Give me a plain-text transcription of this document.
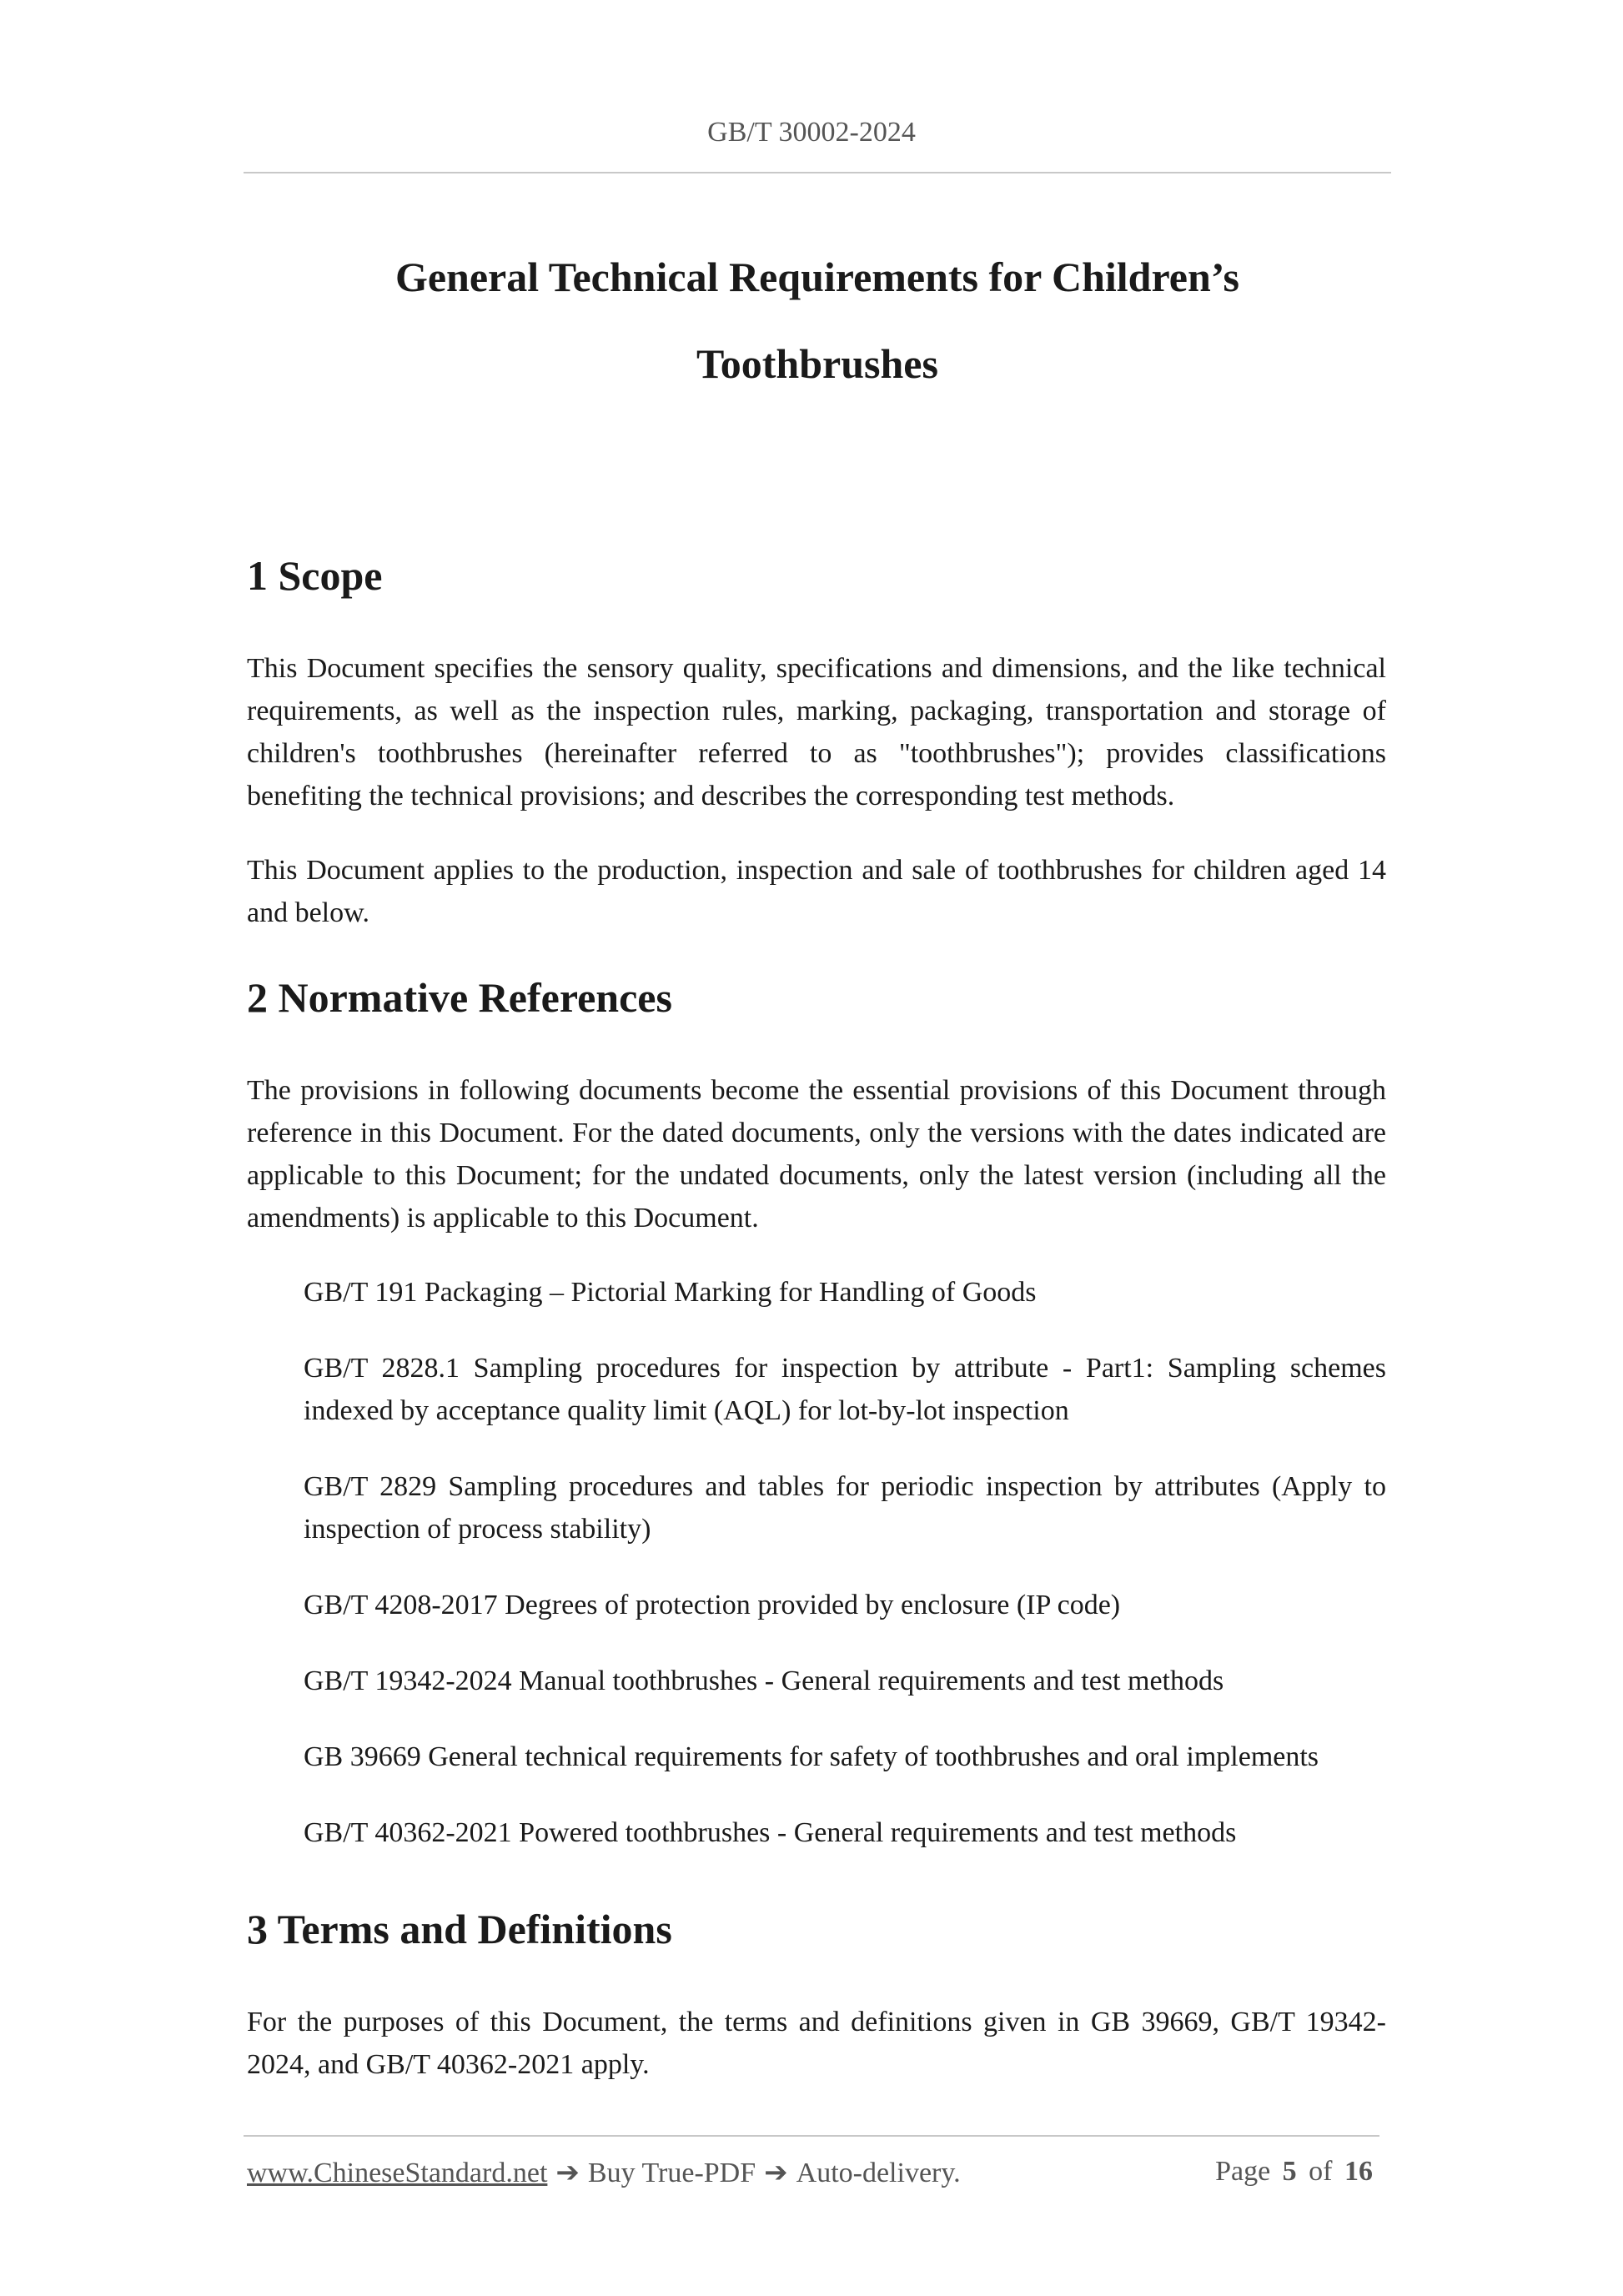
GB/T 30002-2024
General Technical Requirements for Children’s
Toothbrushes
1 Scope

This Document specifies the sensory quality, specifications and dimensions, and the like technical requirements, as well as the inspection rules, marking, packaging, transportation and storage of children's toothbrushes (hereinafter referred to as "toothbrushes"); provides classifications benefiting the technical provisions; and describes the corresponding test methods.

This Document applies to the production, inspection and sale of toothbrushes for children aged 14 and below.

2 Normative References

The provisions in following documents become the essential provisions of this Document through reference in this Document. For the dated documents, only the versions with the dates indicated are applicable to this Document; for the undated documents, only the latest version (including all the amendments) is applicable to this Document.

GB/T 191 Packaging – Pictorial Marking for Handling of Goods
GB/T 2828.1 Sampling procedures for inspection by attribute - Part1: Sampling schemes indexed by acceptance quality limit (AQL) for lot-by-lot inspection
GB/T 2829 Sampling procedures and tables for periodic inspection by attributes (Apply to inspection of process stability)
GB/T 4208-2017 Degrees of protection provided by enclosure (IP code)
GB/T 19342-2024 Manual toothbrushes - General requirements and test methods
GB 39669 General technical requirements for safety of toothbrushes and oral implements
GB/T 40362-2021 Powered toothbrushes - General requirements and test methods
3 Terms and Definitions

For the purposes of this Document, the terms and definitions given in GB 39669, GB/T 19342-2024, and GB/T 40362-2021 apply.

www.ChineseStandard.net ➔ Buy True-PDF ➔ Auto-delivery.	Page 5 of 16
